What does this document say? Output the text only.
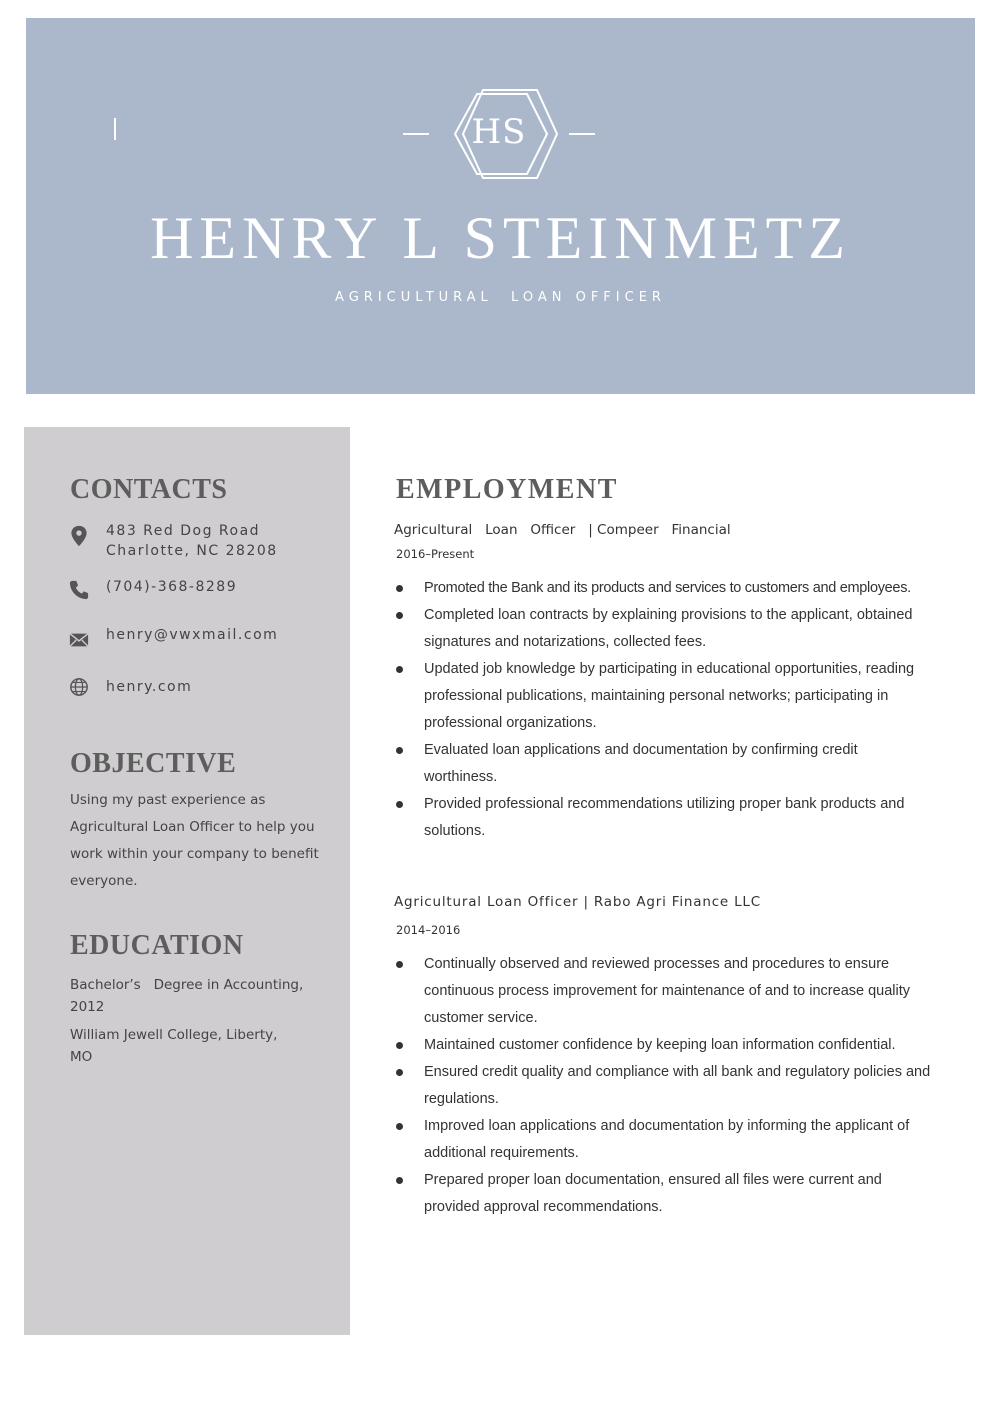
HS
HENRY L STEINMETZ
AGRICULTURAL  LOAN OFFICER
CONTACTS
483 Red Dog Road
Charlotte, NC 28208
(704)-368-8289
henry@vwxmail.com
henry.com
OBJECTIVE
Using my past experience as
Agricultural Loan Officer to help you
work within your company to benefit
everyone.
EDUCATION
Bachelor’s   Degree in Accounting,
2012
William Jewell College, Liberty,
MO
EMPLOYMENT
Agricultural   Loan   Officer   | Compeer   Financial
2016–Present
Promoted the Bank and its products and services to customers and employees.
Completed loan contracts by explaining provisions to the applicant, obtained signatures and notarizations, collected fees.
Updated job knowledge by participating in educational opportunities, reading professional publications, maintaining personal networks; participating in professional organizations.
Evaluated loan applications and documentation by confirming credit worthiness.
Provided professional recommendations utilizing proper bank products and solutions.
Agricultural Loan Officer | Rabo Agri Finance LLC
2014–2016
Continually observed and reviewed processes and procedures to ensure continuous process improvement for maintenance of and to increase quality customer service.
Maintained customer confidence by keeping loan information confidential.
Ensured credit quality and compliance with all bank and regulatory policies and regulations.
Improved loan applications and documentation by informing the applicant of additional requirements.
Prepared proper loan documentation, ensured all files were current and provided approval recommendations.
